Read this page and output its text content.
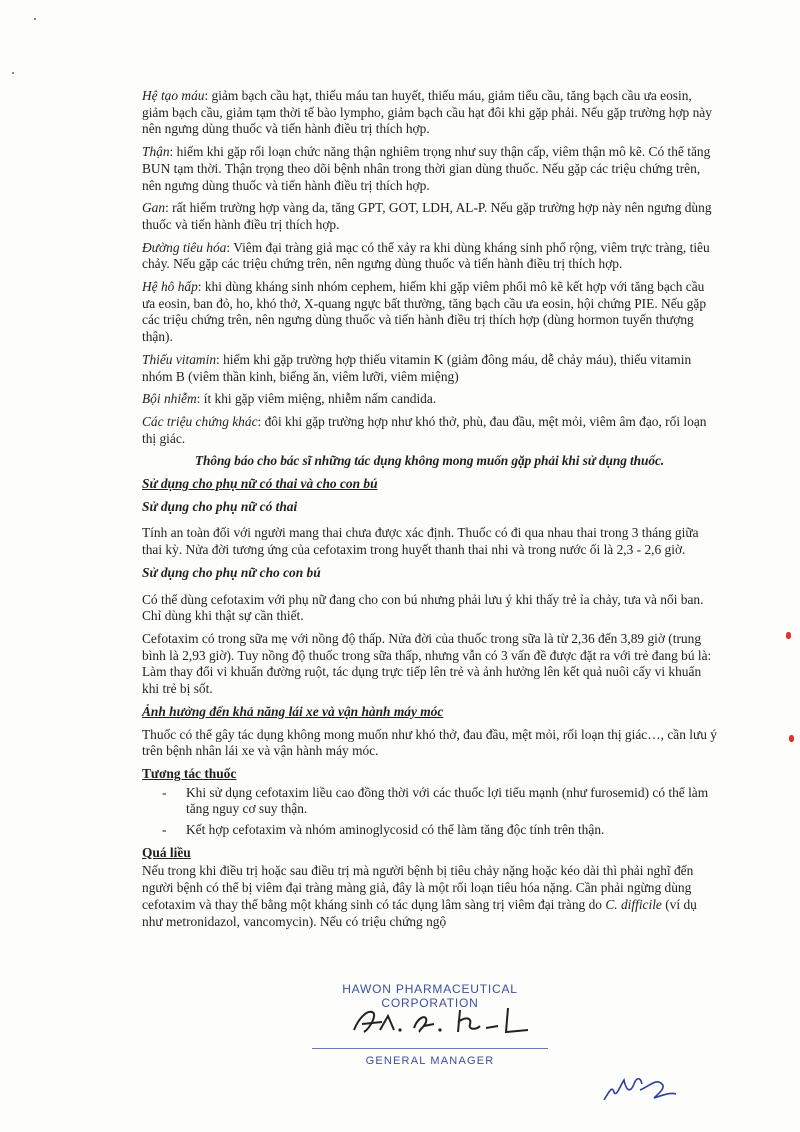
Hệ tạo máu: giảm bạch cầu hạt, thiếu máu tan huyết, thiếu máu, giảm tiểu cầu, tăng bạch cầu ưa eosin, giảm bạch cầu, giảm tạm thời tế bào lympho, giảm bạch cầu hạt đôi khi gặp phải. Nếu gặp trường hợp này nên ngưng dùng thuốc và tiến hành điều trị thích hợp.

Thận: hiếm khi gặp rối loạn chức năng thận nghiêm trọng như suy thận cấp, viêm thận mô kẽ. Có thể tăng BUN tạm thời. Thận trọng theo dõi bệnh nhân trong thời gian dùng thuốc. Nếu gặp các triệu chứng trên, nên ngưng dùng thuốc và tiến hành điều trị thích hợp.

Gan: rất hiếm trường hợp vàng da, tăng GPT, GOT, LDH, AL-P. Nếu gặp trường hợp này nên ngưng dùng thuốc và tiến hành điều trị thích hợp.

Đường tiêu hóa: Viêm đại tràng giả mạc có thể xảy ra khi dùng kháng sinh phổ rộng, viêm trực tràng, tiêu chảy. Nếu gặp các triệu chứng trên, nên ngưng dùng thuốc và tiến hành điều trị thích hợp.

Hệ hô hấp: khi dùng kháng sinh nhóm cephem, hiếm khi gặp viêm phổi mô kẽ kết hợp với tăng bạch cầu ưa eosin, ban đỏ, ho, khó thở, X-quang ngực bất thường, tăng bạch cầu ưa eosin, hội chứng PIE. Nếu gặp các triệu chứng trên, nên ngưng dùng thuốc và tiến hành điều trị thích hợp (dùng hormon tuyến thượng thận).

Thiếu vitamin: hiếm khi gặp trường hợp thiếu vitamin K (giảm đông máu, dễ chảy máu), thiếu vitamin nhóm B (viêm thần kinh, biếng ăn, viêm lưỡi, viêm miệng)

Bội nhiễm: ít khi gặp viêm miệng, nhiễm nấm candida.

Các triệu chứng khác: đôi khi gặp trường hợp như khó thở, phù, đau đầu, mệt mỏi, viêm âm đạo, rối loạn thị giác.

Thông báo cho bác sĩ những tác dụng không mong muốn gặp phải khi sử dụng thuốc.

Sử dụng cho phụ nữ có thai và cho con bú
Sử dụng cho phụ nữ có thai

Tính an toàn đối với người mang thai chưa được xác định. Thuốc có đi qua nhau thai trong 3 tháng giữa thai kỳ. Nửa đời tương ứng của cefotaxim trong huyết thanh thai nhi và trong nước ối là 2,3 - 2,6 giờ.

Sử dụng cho phụ nữ cho con bú

Có thể dùng cefotaxim với phụ nữ đang cho con bú nhưng phải lưu ý khi thấy trẻ ỉa chảy, tưa và nổi ban. Chỉ dùng khi thật sự cần thiết.

Cefotaxim có trong sữa mẹ với nồng độ thấp. Nửa đời của thuốc trong sữa là từ 2,36 đến 3,89 giờ (trung bình là 2,93 giờ). Tuy nồng độ thuốc trong sữa thấp, nhưng vẫn có 3 vấn đề được đặt ra với trẻ đang bú là: Làm thay đổi vi khuẩn đường ruột, tác dụng trực tiếp lên trẻ và ảnh hưởng lên kết quả nuôi cấy vi khuẩn khi trẻ bị sốt.

Ảnh hưởng đến khả năng lái xe và vận hành máy móc

Thuốc có thể gây tác dụng không mong muốn như khó thở, đau đầu, mệt mỏi, rối loạn thị giác…, cần lưu ý trên bệnh nhân lái xe và vận hành máy móc.

Tương tác thuốc
- Khi sử dụng cefotaxim liều cao đồng thời với các thuốc lợi tiểu mạnh (như furosemid) có thể làm tăng nguy cơ suy thận.
- Kết hợp cefotaxim và nhóm aminoglycosid có thể làm tăng độc tính trên thận.
Quá liều

Nếu trong khi điều trị hoặc sau điều trị mà người bệnh bị tiêu chảy nặng hoặc kéo dài thì phải nghĩ đến người bệnh có thể bị viêm đại tràng màng giả, đây là một rối loạn tiêu hóa nặng. Cần phải ngừng dùng cefotaxim và thay thế bằng một kháng sinh có tác dụng lâm sàng trị viêm đại tràng do C. difficile (ví dụ như metronidazol, vancomycin). Nếu có triệu chứng ngộ

HAWON PHARMACEUTICAL CORPORATION
GENERAL MANAGER
